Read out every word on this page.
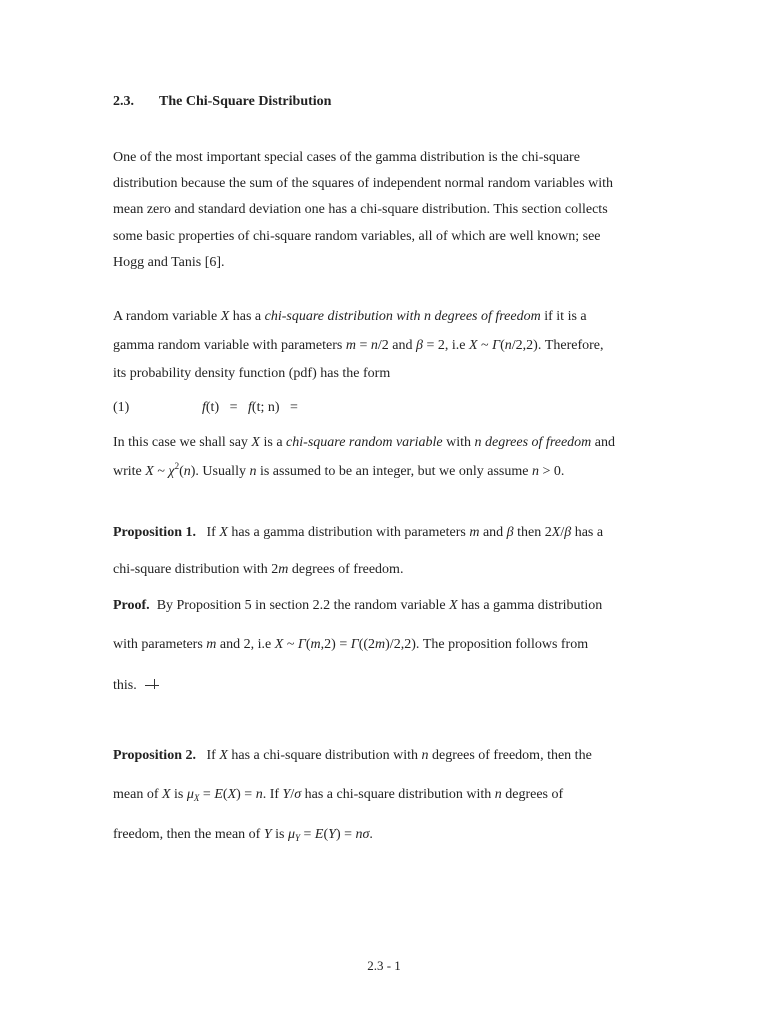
2.3. The Chi-Square Distribution
One of the most important special cases of the gamma distribution is the chi-square
distribution because the sum of the squares of independent normal random variables with
mean zero and standard deviation one has a chi-square distribution. This section collects
some basic properties of chi-square random variables, all of which are well known; see
Hogg and Tanis [6].
A random variable X has a chi-square distribution with n degrees of freedom if it is a
gamma random variable with parameters m = n/2 and β = 2, i.e X ~ Γ(n/2,2). Therefore,
its probability density function (pdf) has the form
(1)	f(t) = f(t; n) =
In this case we shall say X is a chi-square random variable with n degrees of freedom and
write X ~ $\chi^2(n)$. Usually n is assumed to be an integer, but we only assume n > 0.
Proposition 1.   If X has a gamma distribution with parameters m and β then 2X/β has a
chi-square distribution with 2m degrees of freedom.
Proof.  By Proposition 5 in section 2.2 the random variable X has a gamma distribution
with parameters m and 2, i.e X ~ Γ(m,2) = Γ((2m)/2,2). The proposition follows from
this.
Proposition 2.   If X has a chi-square distribution with n degrees of freedom, then the
mean of X is $\mu_X = E(X) = n$. If Y/σ has a chi-square distribution with n degrees of
freedom, then the mean of Y is $\mu_Y = E(Y) = n\sigma$.
2.3 - 1
